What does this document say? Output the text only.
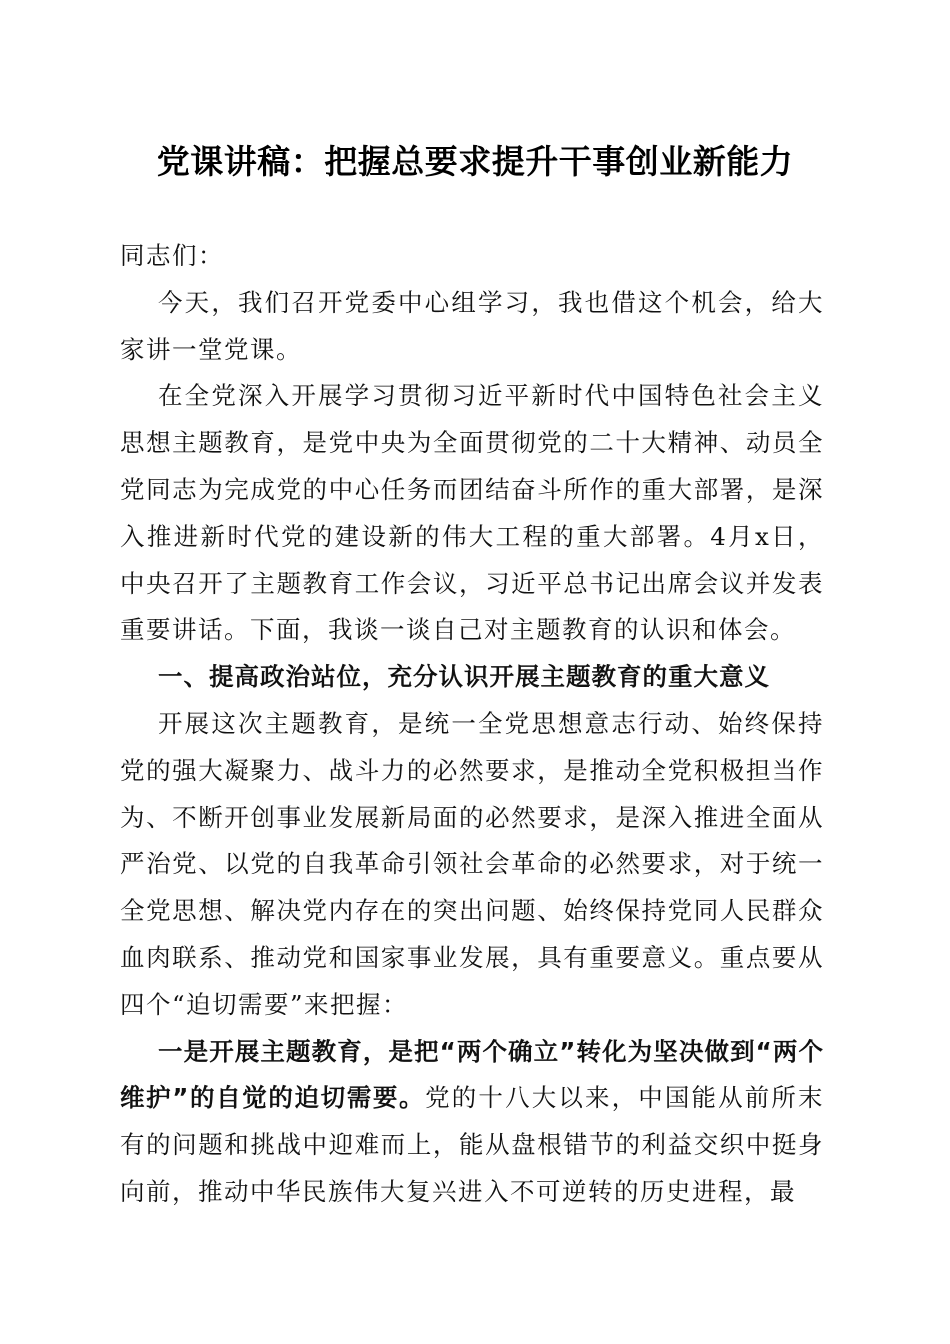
党课讲稿：把握总要求提升干事创业新能力

同志们：

今天，我们召开党委中心组学习，我也借这个机会，给大家讲一堂党课。

在全党深入开展学习贯彻习近平新时代中国特色社会主义思想主题教育，是党中央为全面贯彻党的二十大精神、动员全党同志为完成党的中心任务而团结奋斗所作的重大部署，是深入推进新时代党的建设新的伟大工程的重大部署。4月x日，中央召开了主题教育工作会议，习近平总书记出席会议并发表重要讲话。下面，我谈一谈自己对主题教育的认识和体会。

一、提高政治站位，充分认识开展主题教育的重大意义

开展这次主题教育，是统一全党思想意志行动、始终保持党的强大凝聚力、战斗力的必然要求，是推动全党积极担当作为、不断开创事业发展新局面的必然要求，是深入推进全面从严治党、以党的自我革命引领社会革命的必然要求，对于统一全党思想、解决党内存在的突出问题、始终保持党同人民群众血肉联系、推动党和国家事业发展，具有重要意义。重点要从四个“迫切需要”来把握：

一是开展主题教育，是把“两个确立”转化为坚决做到“两个维护”的自觉的迫切需要。党的十八大以来，中国能从前所末有的问题和挑战中迎难而上，能从盘根错节的利益交织中挺身向前，推动中华民族伟大复兴进入不可逆转的历史进程，最
